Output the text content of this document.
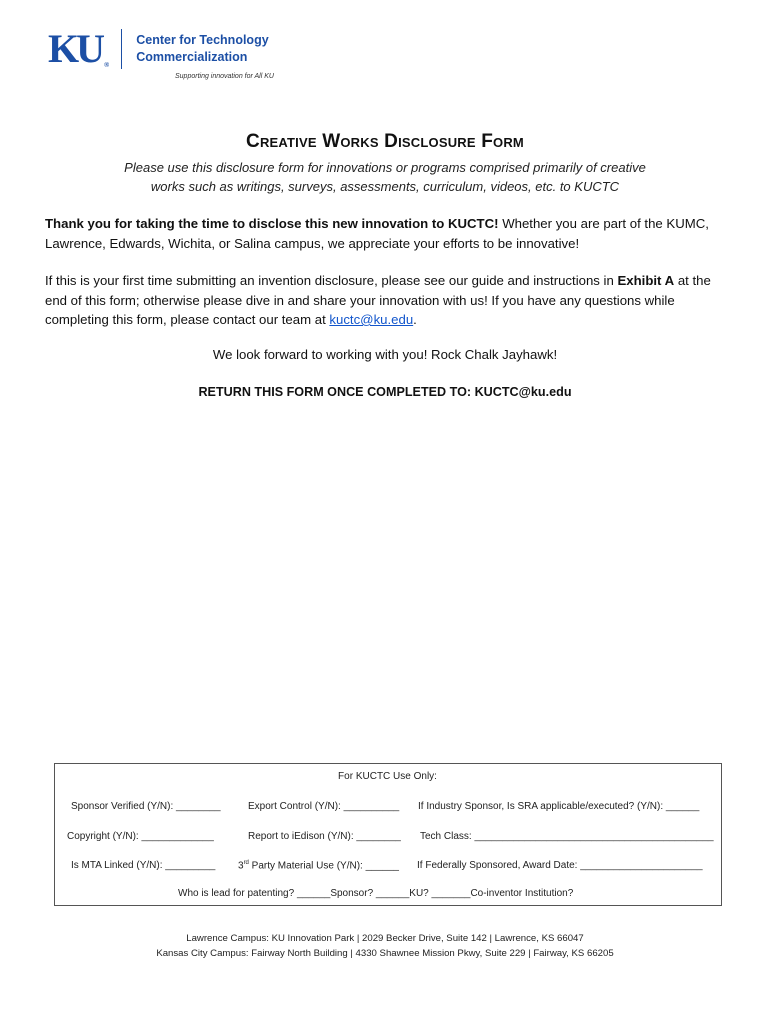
KU ®
Center for Technology
Commercialization
Supporting innovation for All KU
Creative Works Disclosure Form
Please use this disclosure form for innovations or programs comprised primarily of creative
works such as writings, surveys, assessments, curriculum, videos, etc. to KUCTC
Thank you for taking the time to disclose this new innovation to KUCTC! Whether you are part of the KUMC, Lawrence, Edwards, Wichita, or Salina campus, we appreciate your efforts to be innovative!
If this is your first time submitting an invention disclosure, please see our guide and instructions in Exhibit A at the end of this form; otherwise please dive in and share your innovation with us! If you have any questions while completing this form, please contact our team at kuctc@ku.edu.
We look forward to working with you! Rock Chalk Jayhawk!
RETURN THIS FORM ONCE COMPLETED TO: KUCTC@ku.edu
For KUCTC Use Only:
Sponsor Verified (Y/N): ________	Export Control (Y/N): __________ If Industry Sponsor, Is SRA applicable/executed? (Y/N): ______
Copyright (Y/N): _____________	Report to iEdison (Y/N): ________ Tech Class: ___________________________________________
Is MTA Linked (Y/N): _________ 3rd Party Material Use (Y/N): ______ If Federally Sponsored, Award Date: ______________________
Who is lead for patenting? ______Sponsor? ______KU? _______Co-inventor Institution?
Lawrence Campus: KU Innovation Park | 2029 Becker Drive, Suite 142 | Lawrence, KS 66047
Kansas City Campus: Fairway North Building | 4330 Shawnee Mission Pkwy, Suite 229 | Fairway, KS 66205
